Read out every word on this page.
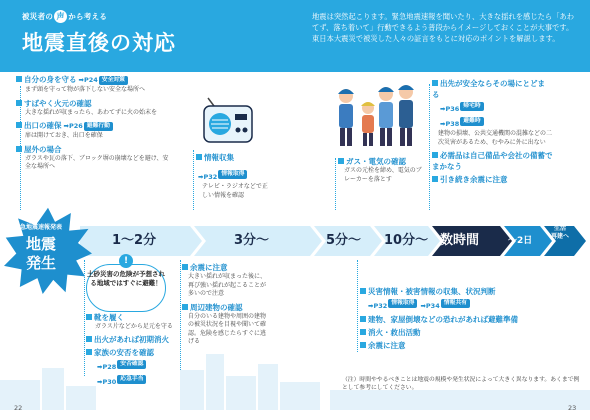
被災者の 声 から考える
地震直後の対応
地震は突然起こります。緊急地震速報を聞いたり、大きな揺れを感じたら「あわてず、落ち着いて」行動できるよう普段からイメージしておくことが大事です。東日本大震災で被災した人々の証言をもとに対応のポイントを解説します。
自分の身を守る ➡P24 安全対策
まず頭を守って物が落下しない安全な場所へ
すばやく火元の確認
大きな揺れが収まったら、あわてずに火の始末を
出口の確保 ➡P26 避難行動
扉は開けておき、出口を確保
屋外の場合
ガラスや瓦の落下、ブロック塀の崩壊などを避け、安全な場所へ
情報収集
➡P32 情報取得
テレビ・ラジオなどで正しい情報を確認
ガス・電気の確認
ガスの元栓を締め、電気のブレーカーを落とす
出先が安全ならその場にとどまる
➡P36 帰宅時
➡P38 避難時
建物の損壊、公共交通機関の混雑などの二次災害があるため、むやみに外に出ない
必需品は自己備品や会社の備蓄でまかなう
引き続き余震に注意
1〜2分	3分〜	5分〜 10分〜 数時間	〜2日
生活
再建へ
緊急地震速報発表
地震
発生
土砂災害の危険が予想される地域ではすぐに避難！
!
靴を履く
ガラス片などから足元を守る
出火があれば初期消火
家族の安否を確認
➡P28 安否確認
➡P30 応急手当
余震に注意
大きい揺れが収まった後に、再び強い揺れが起こることが多いので注意
周辺建物の確認
自分のいる建物や周囲の建物の被災状況を目視や聞いて確認。危険を感じたらすぐに逃げる
災害情報・被害情報の収集、状況判断
➡P32 情報取得 ➡P34 情報共有
建物、家屋倒壊などの恐れがあれば避難準備
消火・救出活動
余震に注意
（注）時間ややるべきことは地震の規模や発生状況によって大きく異なります。あくまで例として参考にしてください。
22	23
